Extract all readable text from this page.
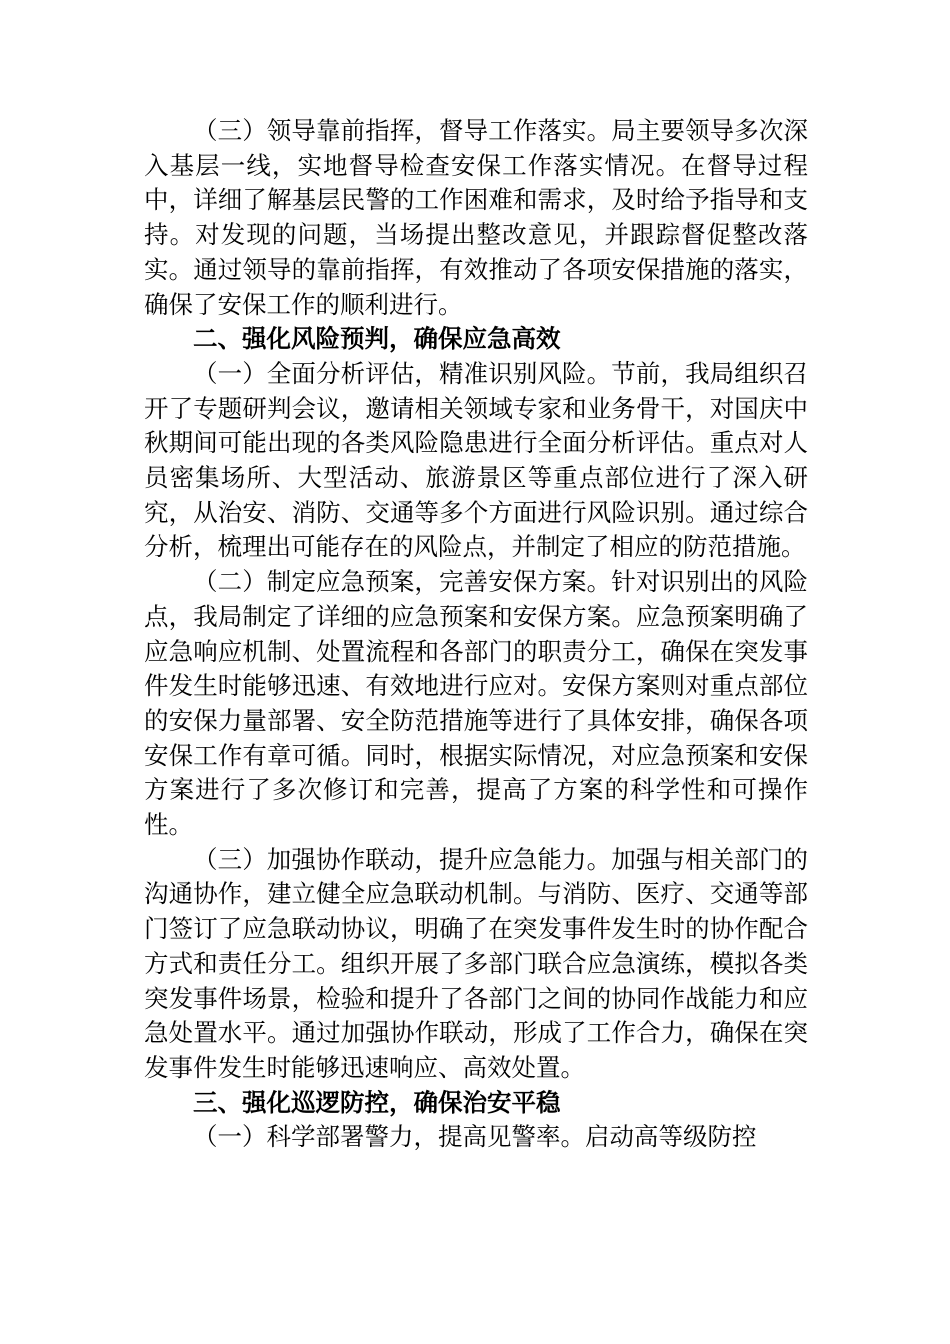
（三）领导靠前指挥，督导工作落实。局主要领导多次深入基层一线，实地督导检查安保工作落实情况。在督导过程中，详细了解基层民警的工作困难和需求，及时给予指导和支持。对发现的问题，当场提出整改意见，并跟踪督促整改落实。通过领导的靠前指挥，有效推动了各项安保措施的落实，确保了安保工作的顺利进行。

二、强化风险预判，确保应急高效

（一）全面分析评估，精准识别风险。节前，我局组织召开了专题研判会议，邀请相关领域专家和业务骨干，对国庆中秋期间可能出现的各类风险隐患进行全面分析评估。重点对人员密集场所、大型活动、旅游景区等重点部位进行了深入研究，从治安、消防、交通等多个方面进行风险识别。通过综合分析，梳理出可能存在的风险点，并制定了相应的防范措施。

（二）制定应急预案，完善安保方案。针对识别出的风险点，我局制定了详细的应急预案和安保方案。应急预案明确了应急响应机制、处置流程和各部门的职责分工，确保在突发事件发生时能够迅速、有效地进行应对。安保方案则对重点部位的安保力量部署、安全防范措施等进行了具体安排，确保各项安保工作有章可循。同时，根据实际情况，对应急预案和安保方案进行了多次修订和完善，提高了方案的科学性和可操作性。

（三）加强协作联动，提升应急能力。加强与相关部门的沟通协作，建立健全应急联动机制。与消防、医疗、交通等部门签订了应急联动协议，明确了在突发事件发生时的协作配合方式和责任分工。组织开展了多部门联合应急演练，模拟各类突发事件场景，检验和提升了各部门之间的协同作战能力和应急处置水平。通过加强协作联动，形成了工作合力，确保在突发事件发生时能够迅速响应、高效处置。

三、强化巡逻防控，确保治安平稳

（一）科学部署警力，提高见警率。启动高等级防控
